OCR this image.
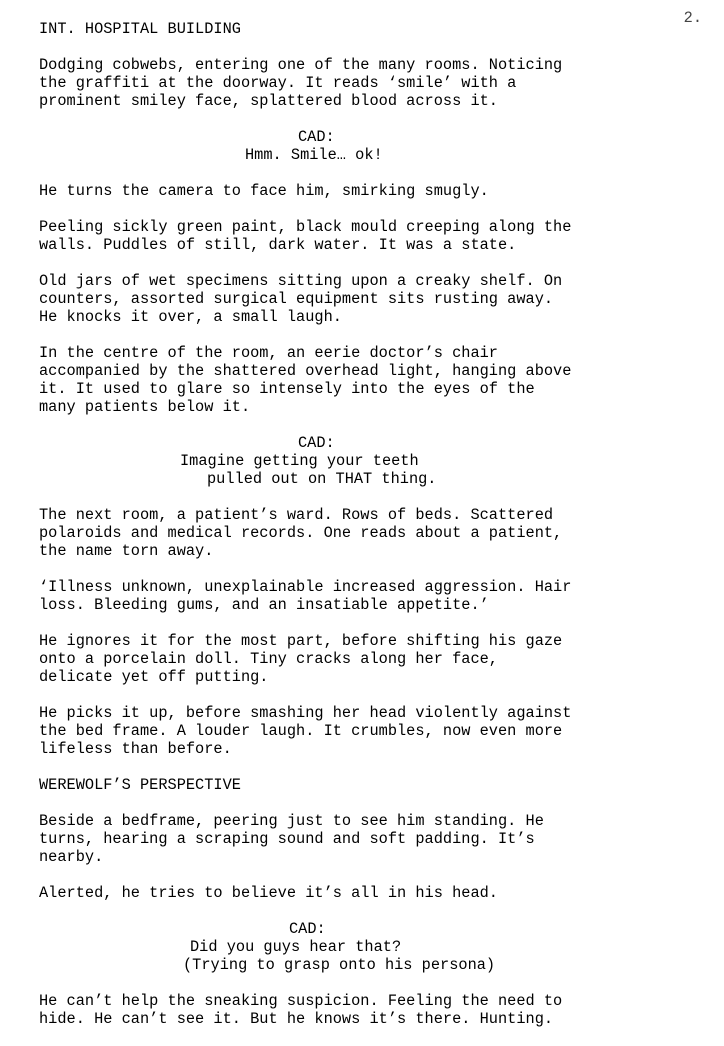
2.
INT. HOSPITAL BUILDING
Dodging cobwebs, entering one of the many rooms. Noticing
the graffiti at the doorway. It reads ‘smile’ with a
prominent smiley face, splattered blood across it.
CAD:
Hmm. Smile… ok!
He turns the camera to face him, smirking smugly.
Peeling sickly green paint, black mould creeping along the
walls. Puddles of still, dark water. It was a state.
Old jars of wet specimens sitting upon a creaky shelf. On
counters, assorted surgical equipment sits rusting away.
He knocks it over, a small laugh.
In the centre of the room, an eerie doctor’s chair
accompanied by the shattered overhead light, hanging above
it. It used to glare so intensely into the eyes of the
many patients below it.
CAD:
Imagine getting your teeth
pulled out on THAT thing.
The next room, a patient’s ward. Rows of beds. Scattered
polaroids and medical records. One reads about a patient,
the name torn away.
‘Illness unknown, unexplainable increased aggression. Hair
loss. Bleeding gums, and an insatiable appetite.’
He ignores it for the most part, before shifting his gaze
onto a porcelain doll. Tiny cracks along her face,
delicate yet off putting.
He picks it up, before smashing her head violently against
the bed frame. A louder laugh. It crumbles, now even more
lifeless than before.
WEREWOLF’S PERSPECTIVE
Beside a bedframe, peering just to see him standing. He
turns, hearing a scraping sound and soft padding. It’s
nearby.
Alerted, he tries to believe it’s all in his head.
CAD:
Did you guys hear that?
(Trying to grasp onto his persona)
He can’t help the sneaking suspicion. Feeling the need to
hide. He can’t see it. But he knows it’s there. Hunting.
